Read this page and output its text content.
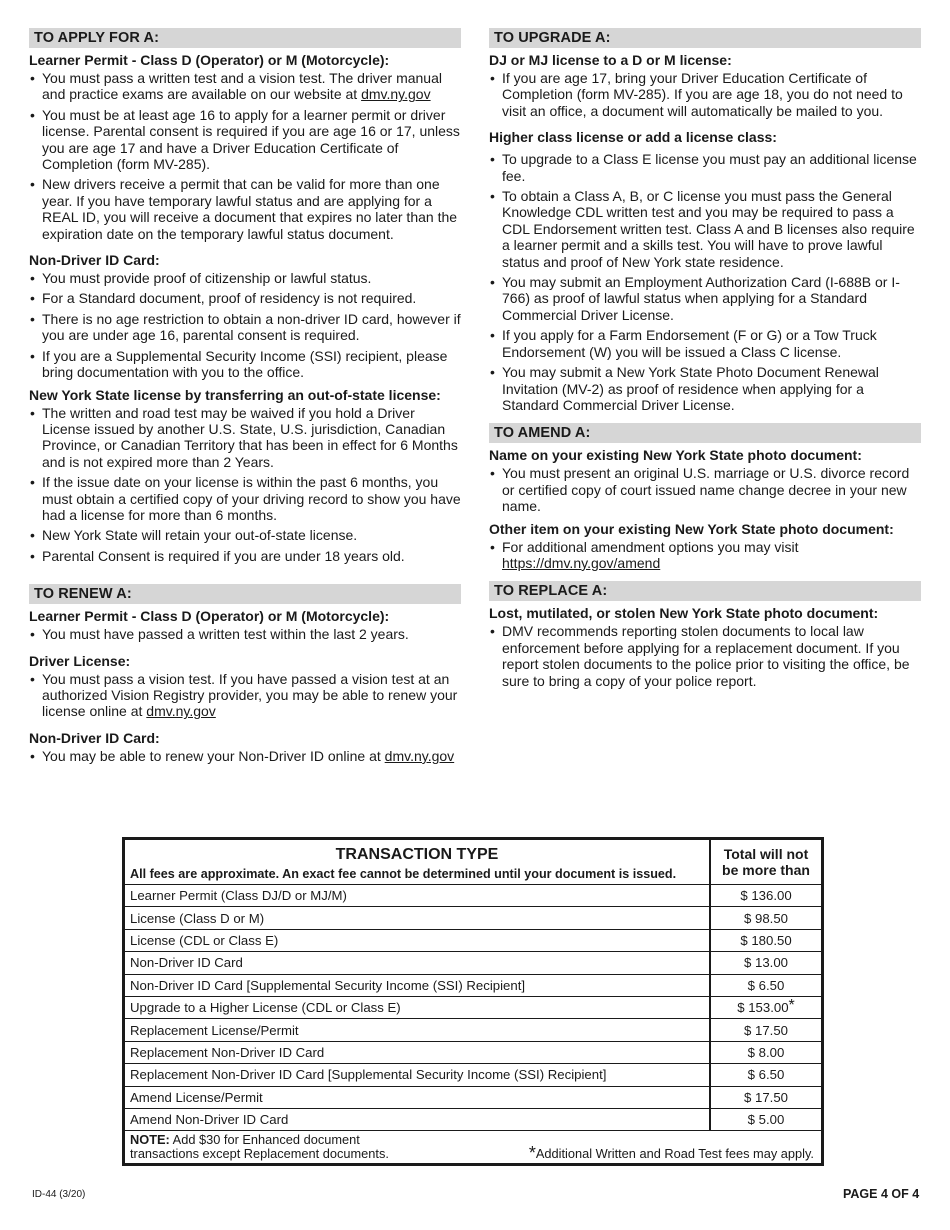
TO APPLY FOR A:
Learner Permit - Class D (Operator) or M (Motorcycle):
• You must pass a written test and a vision test. The driver manual and practice exams are available on our website at dmv.ny.gov
• You must be at least age 16 to apply for a learner permit or driver license. Parental consent is required if you are age 16 or 17, unless you are age 17 and have a Driver Education Certificate of Completion (form MV-285).
• New drivers receive a permit that can be valid for more than one year. If you have temporary lawful status and are applying for a REAL ID, you will receive a document that expires no later than the expiration date on the temporary lawful status document.
Non-Driver ID Card:
• You must provide proof of citizenship or lawful status.
• For a Standard document, proof of residency is not required.
• There is no age restriction to obtain a non-driver ID card, however if you are under age 16, parental consent is required.
• If you are a Supplemental Security Income (SSI) recipient, please bring documentation with you to the office.
New York State license by transferring an out-of-state license:
• The written and road test may be waived if you hold a Driver License issued by another U.S. State, U.S. jurisdiction, Canadian Province, or Canadian Territory that has been in effect for 6 Months and is not expired more than 2 Years.
• If the issue date on your license is within the past 6 months, you must obtain a certified copy of your driving record to show you have had a license for more than 6 months.
• New York State will retain your out-of-state license.
• Parental Consent is required if you are under 18 years old.
TO RENEW A:
Learner Permit - Class D (Operator) or M (Motorcycle):
• You must have passed a written test within the last 2 years.
Driver License:
• You must pass a vision test. If you have passed a vision test at an authorized Vision Registry provider, you may be able to renew your license online at dmv.ny.gov
Non-Driver ID Card:
• You may be able to renew your Non-Driver ID online at dmv.ny.gov
TO UPGRADE A:
DJ or MJ license to a D or M license:
• If you are age 17, bring your Driver Education Certificate of Completion (form MV-285). If you are age 18, you do not need to visit an office, a document will automatically be mailed to you.
Higher class license or add a license class:
• To upgrade to a Class E license you must pay an additional license fee.
• To obtain a Class A, B, or C license you must pass the General Knowledge CDL written test and you may be required to pass a CDL Endorsement written test. Class A and B licenses also require a learner permit and a skills test. You will have to prove lawful status and proof of New York state residence.
• You may submit an Employment Authorization Card (I-688B or I-766) as proof of lawful status when applying for a Standard Commercial Driver License.
• If you apply for a Farm Endorsement (F or G) or a Tow Truck Endorsement (W) you will be issued a Class C license.
• You may submit a New York State Photo Document Renewal Invitation (MV-2) as proof of residence when applying for a Standard Commercial Driver License.
TO AMEND A:
Name on your existing New York State photo document:
• You must present an original U.S. marriage or U.S. divorce record or certified copy of court issued name change decree in your new name.
Other item on your existing New York State photo document:
• For additional amendment options you may visit
https://dmv.ny.gov/amend
TO REPLACE A:
Lost, mutilated, or stolen New York State photo document:
• DMV recommends reporting stolen documents to local law enforcement before applying for a replacement document. If you report stolen documents to the police prior to visiting the office, be sure to bring a copy of your police report.
TRANSACTION TYPE
All fees are approximate. An exact fee cannot be determined until your document is issued.	Total will not be more than

Learner Permit (Class DJ/D or MJ/M)	$ 136.00
License (Class D or M)	$ 98.50
License (CDL or Class E)	$ 180.50
Non-Driver ID Card	$ 13.00
Non-Driver ID Card [Supplemental Security Income (SSI) Recipient]	$ 6.50
Upgrade to a Higher License (CDL or Class E)	$ 153.00*
Replacement License/Permit	$ 17.50
Replacement Non-Driver ID Card	$ 8.00
Replacement Non-Driver ID Card [Supplemental Security Income (SSI) Recipient]	$ 6.50
Amend License/Permit	$ 17.50
Amend Non-Driver ID Card	$ 5.00

NOTE: Add $30 for Enhanced document transactions except Replacement documents. *Additional Written and Road Test fees may apply.	
ID-44 (3/20)	PAGE 4 OF 4
